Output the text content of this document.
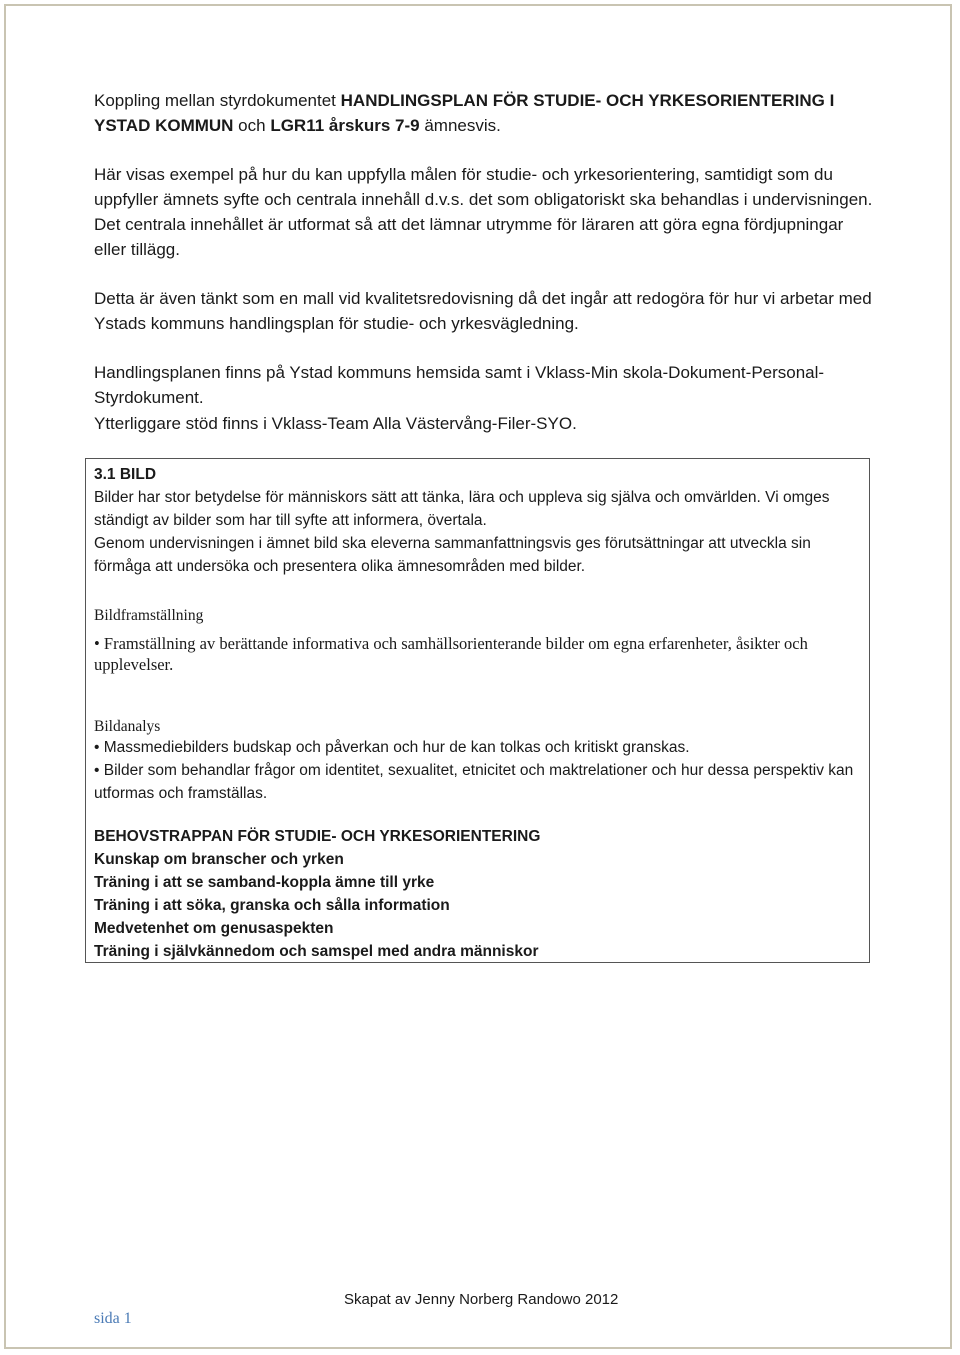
Koppling mellan styrdokumentet HANDLINGSPLAN FÖR STUDIE- OCH YRKESORIENTERING I YSTAD KOMMUN och LGR11 årskurs 7-9 ämnesvis.

Här visas exempel på hur du kan uppfylla målen för studie- och yrkesorientering, samtidigt som du uppfyller ämnets syfte och centrala innehåll d.v.s. det som obligatoriskt ska behandlas i undervisningen. Det centrala innehållet är utformat så att det lämnar utrymme för läraren att göra egna fördjupningar eller tillägg.

Detta är även tänkt som en mall vid kvalitetsredovisning då det ingår att redogöra för hur vi arbetar med Ystads kommuns handlingsplan för studie- och yrkesvägledning.

Handlingsplanen finns på Ystad kommuns hemsida samt i Vklass-Min skola-Dokument-Personal-Styrdokument.

Ytterliggare stöd finns i Vklass-Team Alla Västervång-Filer-SYO.

3.1 BILD

Bilder har stor betydelse för människors sätt att tänka, lära och uppleva sig själva och omvärlden. Vi omges ständigt av bilder som har till syfte att informera, övertala.

Genom undervisningen i ämnet bild ska eleverna sammanfattningsvis ges förutsättningar att utveckla sin förmåga att undersöka och presentera olika ämnesområden med bilder.

Bildframställning
• Framställning av berättande informativa och samhällsorienterande bilder om egna erfarenheter, åsikter och upplevelser.
Bildanalys

• Massmediebilders budskap och påverkan och hur de kan tolkas och kritiskt granskas.

• Bilder som behandlar frågor om identitet, sexualitet, etnicitet och maktrelationer och hur dessa perspektiv kan utformas och framställas.

BEHOVSTRAPPAN FÖR STUDIE- OCH YRKESORIENTERING

Kunskap om branscher och yrken

Träning i att se samband-koppla ämne till yrke

Träning i att söka, granska och sålla information

Medvetenhet om genusaspekten

Träning i självkännedom och samspel med andra människor

Skapat av Jenny Norberg Randowo 2012
sida 1
